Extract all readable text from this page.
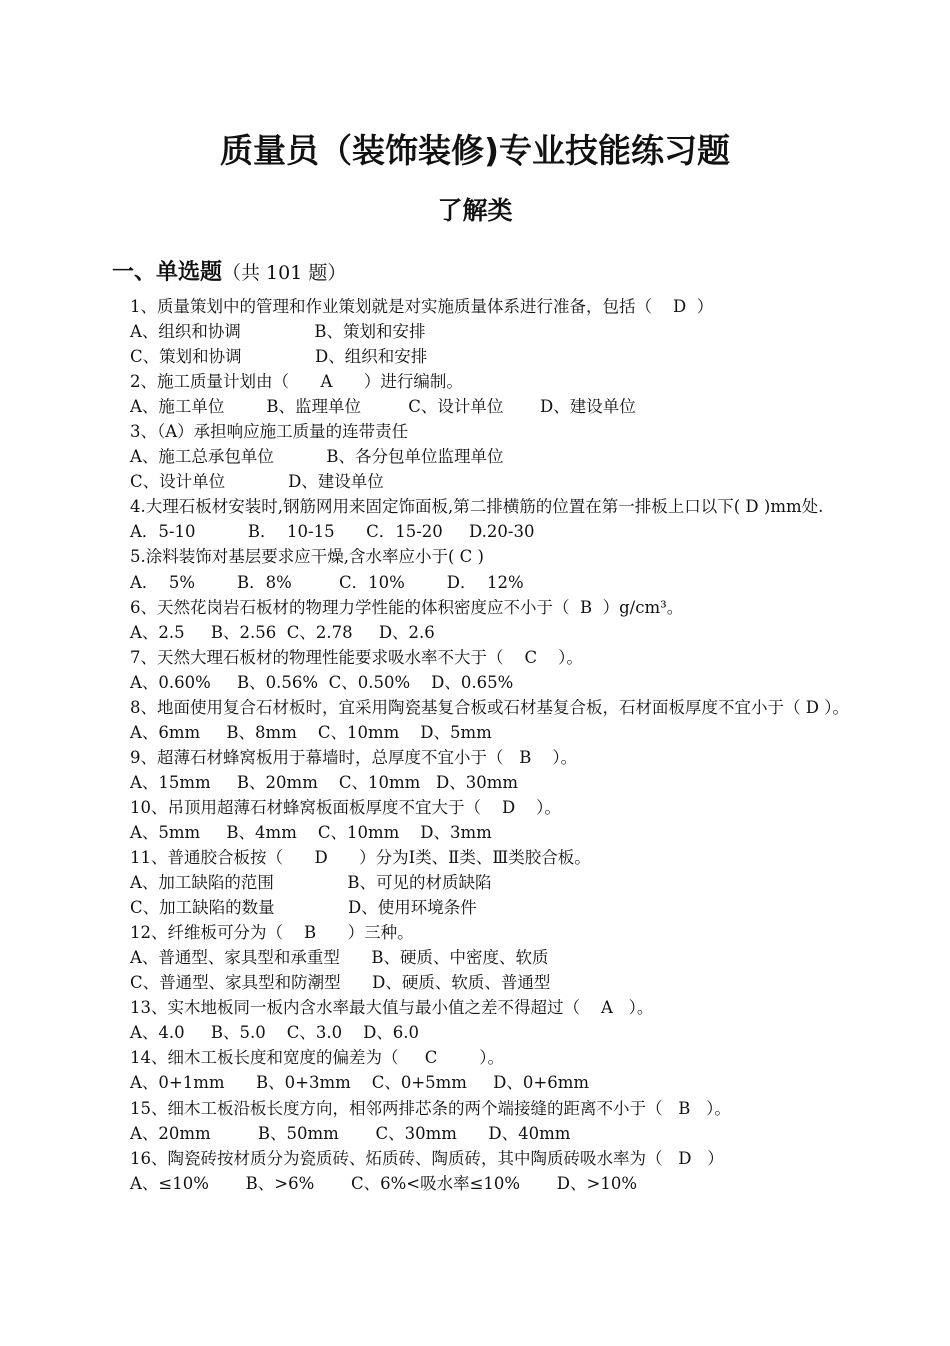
质量员（装饰装修)专业技能练习题
了解类
一、单选题（共 101 题）
1、质量策划中的管理和作业策划就是对实施质量体系进行准备，包括（    D  ）
A、组织和协调              B、策划和安排
C、策划和协调              D、组织和安排
2、施工质量计划由（      A      ）进行编制。
A、施工单位        B、监理单位         C、设计单位       D、建设单位
3、（A）承担响应施工质量的连带责任
A、施工总承包单位          B、各分包单位监理单位
C、设计单位            D、建设单位
4.大理石板材安装时,钢筋网用来固定饰面板,第二排横筋的位置在第一排板上口以下( D )mm处.
A．5-10          B．  10-15      C．15-20     D.20-30
5.涂料装饰对基层要求应干燥,含水率应小于( C )
A．  5%        B．8%         C．10%        D．  12%
6、天然花岗岩石板材的物理力学性能的体积密度应不小于（  B  ）g/cm³。
A、2.5     B、2.56  C、2.78     D、2.6
7、天然大理石板材的物理性能要求吸水率不大于（    C    ）。
A、0.60%     B、0.56%  C、0.50%    D、0.65%
8、地面使用复合石材板时，宜采用陶瓷基复合板或石材基复合板，石材面板厚度不宜小于（ D ）。
A、6mm     B、8mm    C、10mm    D、5mm
9、超薄石材蜂窝板用于幕墙时，总厚度不宜小于（   B    ）。
A、15mm     B、20mm    C、10mm   D、30mm
10、吊顶用超薄石材蜂窝板面板厚度不宜大于（    D    ）。
A、5mm     B、4mm    C、10mm    D、3mm
11、普通胶合板按（      D      ）分为Ⅰ类、Ⅱ类、Ⅲ类胶合板。
A、加工缺陷的范围              B、可见的材质缺陷
C、加工缺陷的数量              D、使用环境条件
12、纤维板可分为（    B      ）三种。
A、普通型、家具型和承重型      B、硬质、中密度、软质
C、普通型、家具型和防潮型      D、硬质、软质、普通型
13、实木地板同一板内含水率最大值与最小值之差不得超过（    A   ）。
A、4.0     B、5.0    C、3.0    D、6.0
14、细木工板长度和宽度的偏差为（     C        ）。
A、0+1mm      B、0+3mm    C、0+5mm     D、0+6mm
15、细木工板沿板长度方向，相邻两排芯条的两个端接缝的距离不小于（   B   ）。
A、20mm         B、50mm       C、30mm      D、40mm
16、陶瓷砖按材质分为瓷质砖、炻质砖、陶质砖，其中陶质砖吸水率为（   D   ）
A、≤10%       B、>6%       C、6%<吸水率≤10%       D、>10%
